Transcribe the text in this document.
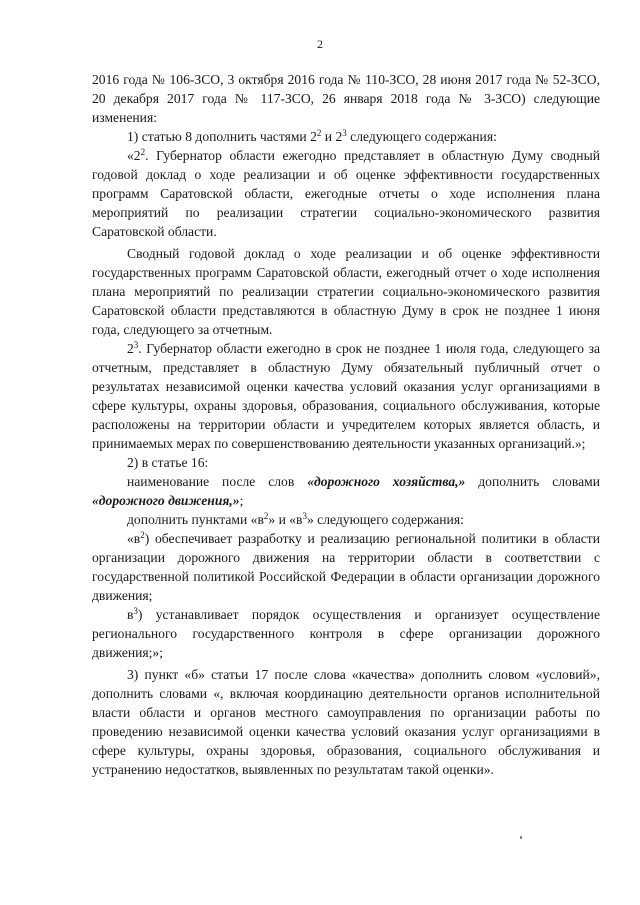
2

2016 года № 106-ЗСО, 3 октября 2016 года № 110-ЗСО, 28 июня 2017 года № 52-ЗСО, 20 декабря 2017 года № 117-ЗСО, 26 января 2018 года № 3-ЗСО) следующие изменения:

1) статью 8 дополнить частями $2^2$ и $2^3$ следующего содержания:

«$2^2$. Губернатор области ежегодно представляет в областную Думу сводный годовой доклад о ходе реализации и об оценке эффективности государственных программ Саратовской области, ежегодные отчеты о ходе исполнения плана мероприятий по реализации стратегии социально-экономического развития Саратовской области.

Сводный годовой доклад о ходе реализации и об оценке эффективности государственных программ Саратовской области, ежегодный отчет о ходе исполнения плана мероприятий по реализации стратегии социально-экономического развития Саратовской области представляются в областную Думу в срок не позднее 1 июня года, следующего за отчетным.

$2^3$. Губернатор области ежегодно в срок не позднее 1 июля года, следующего за отчетным, представляет в областную Думу обязательный публичный отчет о результатах независимой оценки качества условий оказания услуг организациями в сфере культуры, охраны здоровья, образования, социального обслуживания, которые расположены на территории области и учредителем которых является область, и принимаемых мерах по совершенствованию деятельности указанных организаций.»;

2) в статье 16:

наименование после слов «дорожного хозяйства,» дополнить словами «дорожного движения,»;

дополнить пунктами «$в^2$» и «$в^3$» следующего содержания:

«$в^2$) обеспечивает разработку и реализацию региональной политики в области организации дорожного движения на территории области в соответствии с государственной политикой Российской Федерации в области организации дорожного движения;

$в^3$) устанавливает порядок осуществления и организует осуществление регионального государственного контроля в сфере организации дорожного движения;»;

3) пункт «б» статьи 17 после слова «качества» дополнить словом «условий», дополнить словами «, включая координацию деятельности органов исполнительной власти области и органов местного самоуправления по организации работы по проведению независимой оценки качества условий оказания услуг организациями в сфере культуры, охраны здоровья, образования, социального обслуживания и устранению недостатков, выявленных по результатам такой оценки».
